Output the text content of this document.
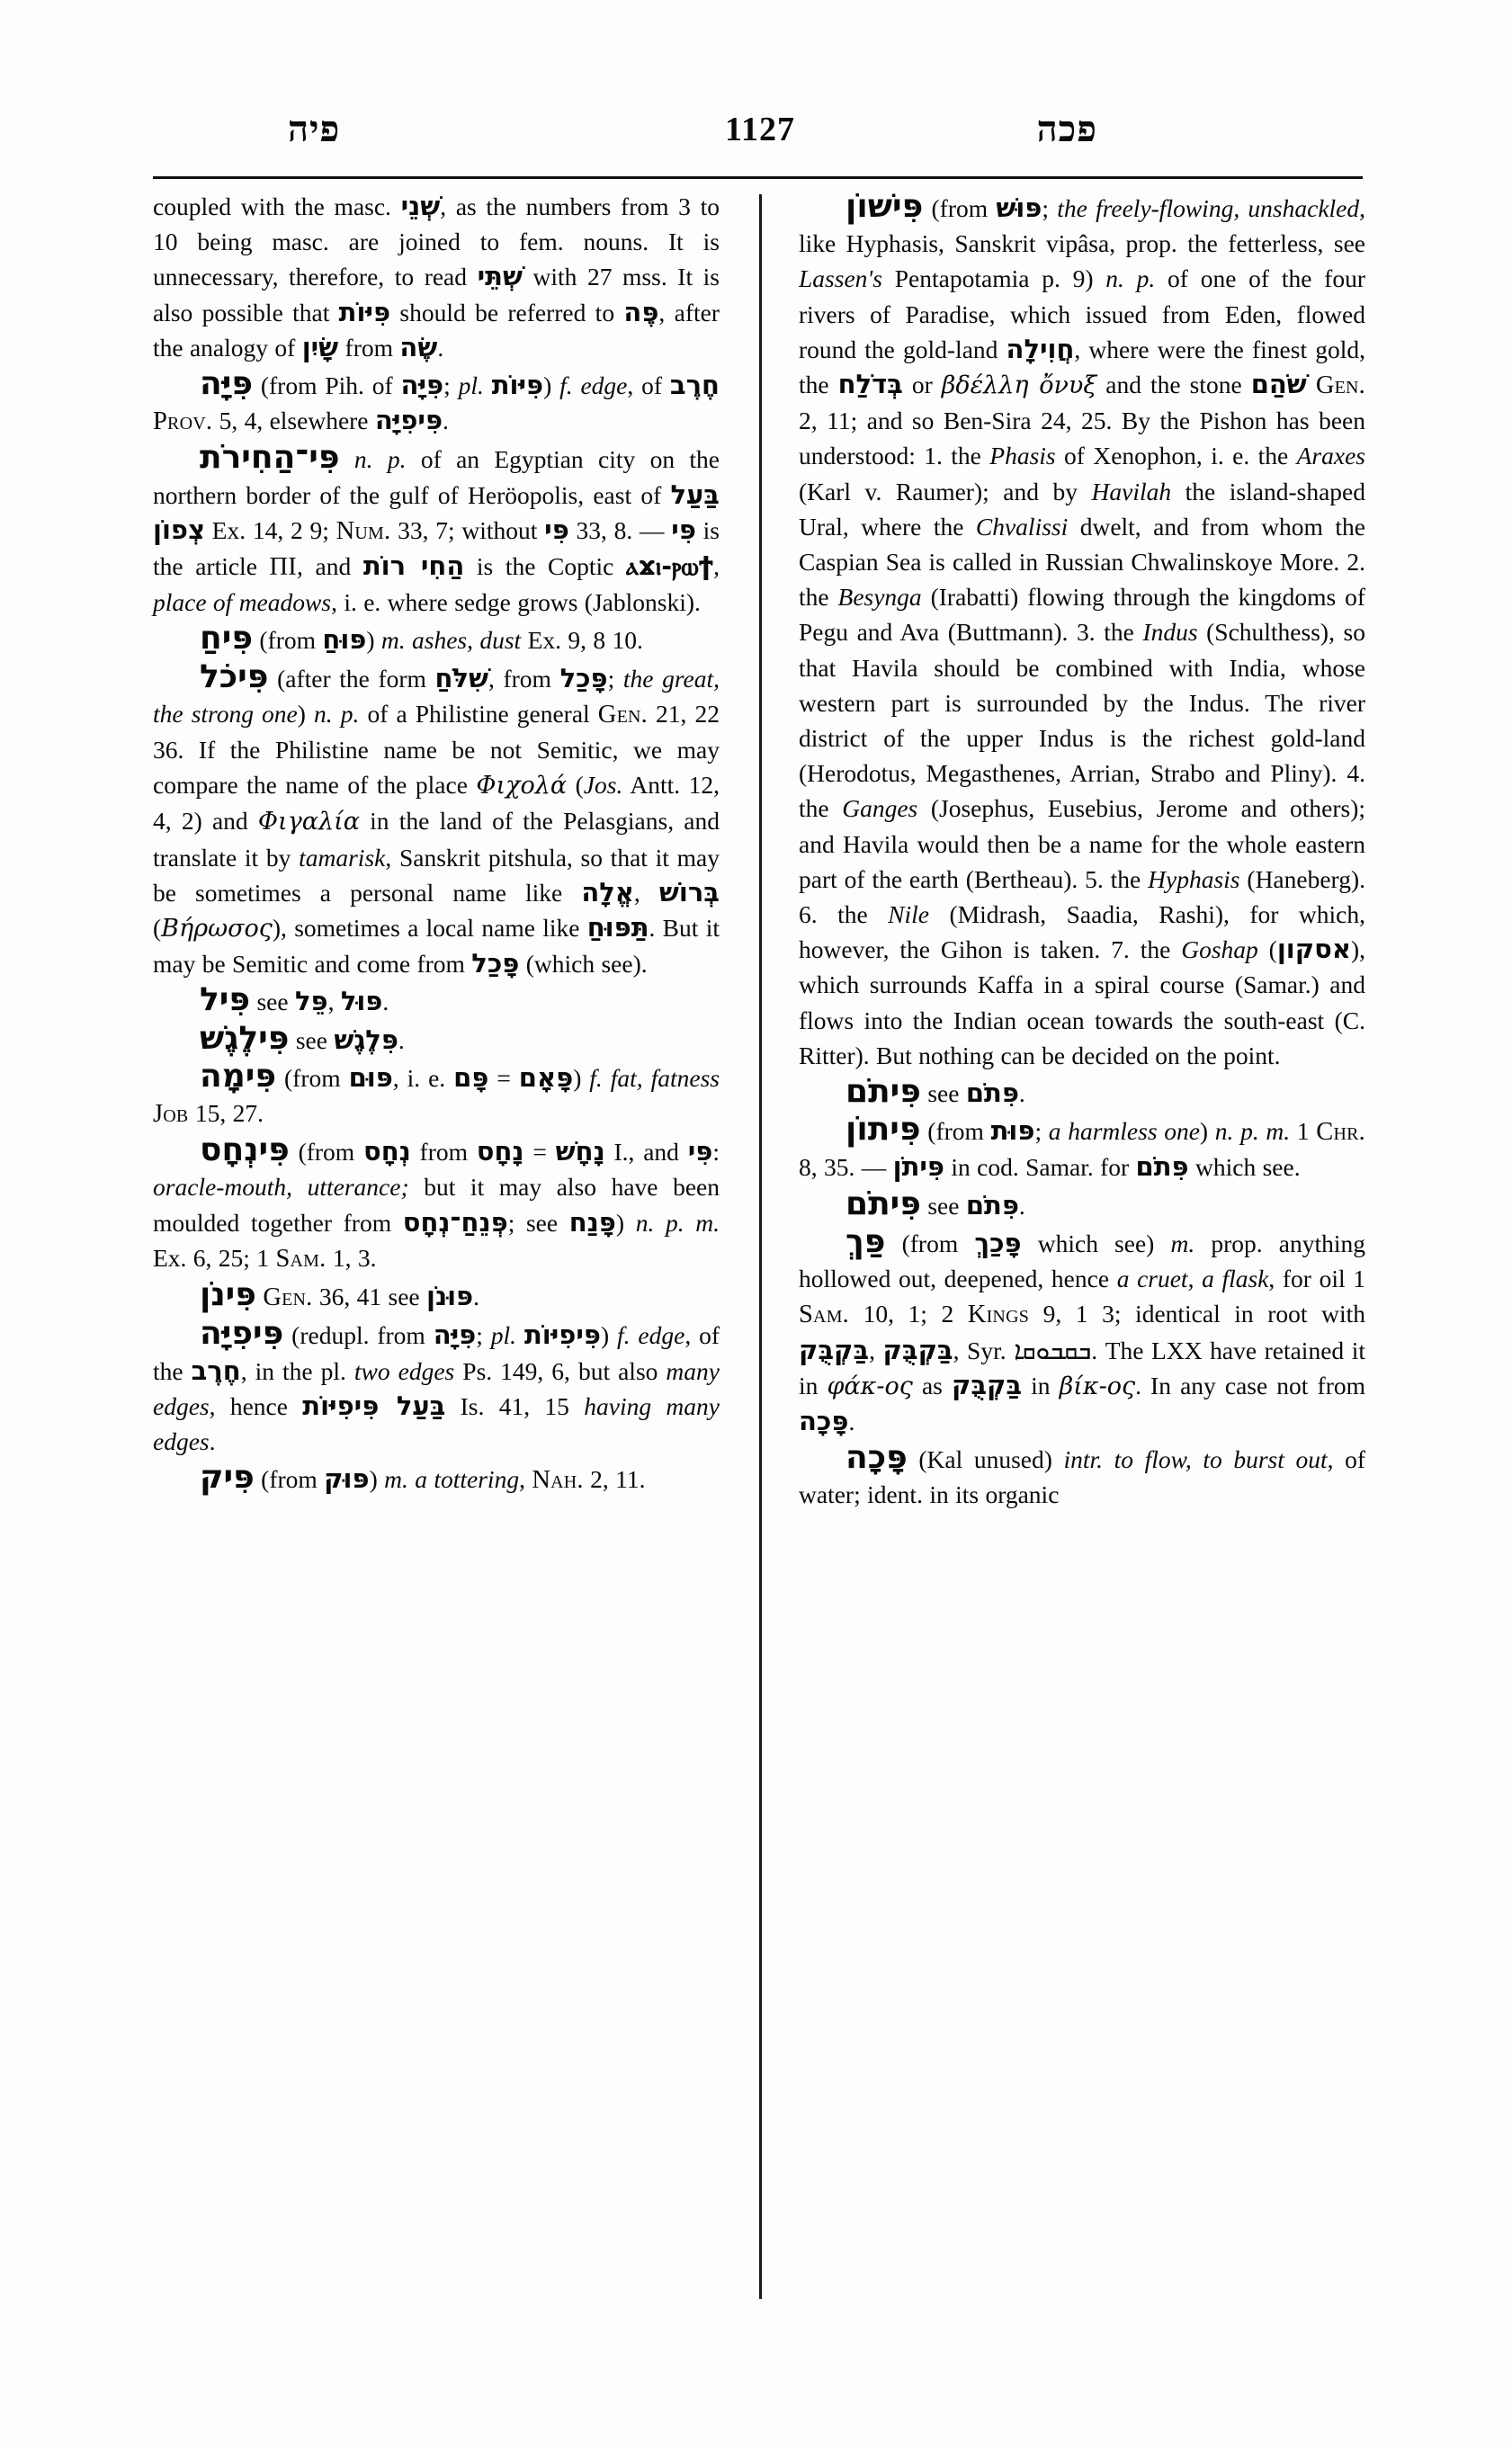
פיה	1127	פכה

coupled with the masc. שְׁנֵי, as the numbers from 3 to 10 being masc. are joined to fem. nouns. It is unnecessary, therefore, to read שְׁתֵּי with 27 mss. It is also possible that פִּיּוֹת should be referred to פֶּה, after the analogy of שָׂיִן from שֶׂה.

פִּיָּה (from Pih. of פִּיָּה; pl. פִּיּוֹת) f. edge, of חֶרֶב Prov. 5, 4, elsewhere פִּיפִיָּה.

פִּי־הַחִירֹת n. p. of an Egyptian city on the northern border of the gulf of Heröopolis, east of בַּעַל צְפוֹן Ex. 14, 2 9; Num. 33, 7; without פִּי 33, 8. — פִּי is the article ΠΙ, and הַחִי רוֹת is the Coptic ⲁϫⲓ-ⲣⲱϯ, place of meadows, i. e. where sedge grows (Jablonski).

פִּיחַ (from פּוּחַ) m. ashes, dust Ex. 9, 8 10.

פִּיכֹל (after the form שִׁלֹּחַ, from פָּכַל; the great, the strong one) n. p. of a Philistine general Gen. 21, 22 36. If the Philistine name be not Semitic, we may compare the name of the place Φιχολά (Jos. Antt. 12, 4, 2) and Φιγαλία in the land of the Pelasgians, and translate it by tamarisk, Sanskrit pitshula, so that it may be sometimes a personal name like אֱלָה, בְּרוֹשׁ (Βήρωσος), sometimes a local name like תַּפּוּחַ. But it may be Semitic and come from פָּכַל (which see).

פִּיל see פֵּל, פּוּל.

פִּילֶגֶשׁ see פִּלֶגֶשׁ.

פִּימָה (from פּוּם, i. e. פָּם = פָּאָם) f. fat, fatness Job 15, 27.

פִּינְחָס (from נְחָס from נָחָס = נָחָשׁ I., and פִּי: oracle-mouth, utterance; but it may also have been moulded together from פְּנֵחַ־נְחָס; see פָּנַח) n. p. m. Ex. 6, 25; 1 Sam. 1, 3.

פִּינֹן Gen. 36, 41 see פּוּנֹן.

פִּיפִיָּה (redupl. from פִּיָּה; pl. פִּיפִיּוֹת) f. edge, of the חֶרֶב, in the pl. two edges Ps. 149, 6, but also many edges, hence בַּעַל פִּיפִיּוֹת Is. 41, 15 having many edges.

פִּיק (from פּוּק) m. a tottering, Nah. 2, 11.

פִּישׁוֹן (from פּוּשׁ; the freely-flowing, unshackled, like Hyphasis, Sanskrit vipâsa, prop. the fetterless, see Lassen's Pentapotamia p. 9) n. p. of one of the four rivers of Paradise, which issued from Eden, flowed round the gold-land חֲוִילָה, where were the finest gold, the בְּדֹלַח or βδέλλη ὄνυξ and the stone שֹׁהַם Gen. 2, 11; and so Ben-Sira 24, 25. By the Pishon has been understood: 1. the Phasis of Xenophon, i. e. the Araxes (Karl v. Raumer); and by Havilah the island-shaped Ural, where the Chvalissi dwelt, and from whom the Caspian Sea is called in Russian Chwalinskoye More. 2. the Besynga (Irabatti) flowing through the kingdoms of Pegu and Ava (Buttmann). 3. the Indus (Schulthess), so that Havila should be combined with India, whose western part is surrounded by the Indus. The river district of the upper Indus is the richest gold-land (Herodotus, Megasthenes, Arrian, Strabo and Pliny). 4. the Ganges (Josephus, Eusebius, Jerome and others); and Havila would then be a name for the whole eastern part of the earth (Bertheau). 5. the Hyphasis (Haneberg). 6. the Nile (Midrash, Saadia, Rashi), for which, however, the Gihon is taken. 7. the Goshap (אסקון), which surrounds Kaffa in a spiral course (Samar.) and flows into the Indian ocean towards the south-east (C. Ritter). But nothing can be decided on the point.

פִּיתֹם see פִּתֹם.

פִּיתוֹן (from פּוּת; a harmless one) n. p. m. 1 Chr. 8, 35. — פִּיתֹן in cod. Samar. for פִּתֹם which see.

פִּיתֹם see פִּתֹם.

פַּךְ (from פָּכַךְ which see) m. prop. anything hollowed out, deepened, hence a cruet, a flask, for oil 1 Sam. 10, 1; 2 Kings 9, 1 3; identical in root with בַּקְבֻּק, בַּקְבֻּק, Syr. ܒܩܒܘܩܐ. The LXX have retained it in φάκ-ος as בַּקְבֻּק in βίκ-ος. In any case not from פָּכָה.

פָּכָה (Kal unused) intr. to flow, to burst out, of water; ident. in its organic
